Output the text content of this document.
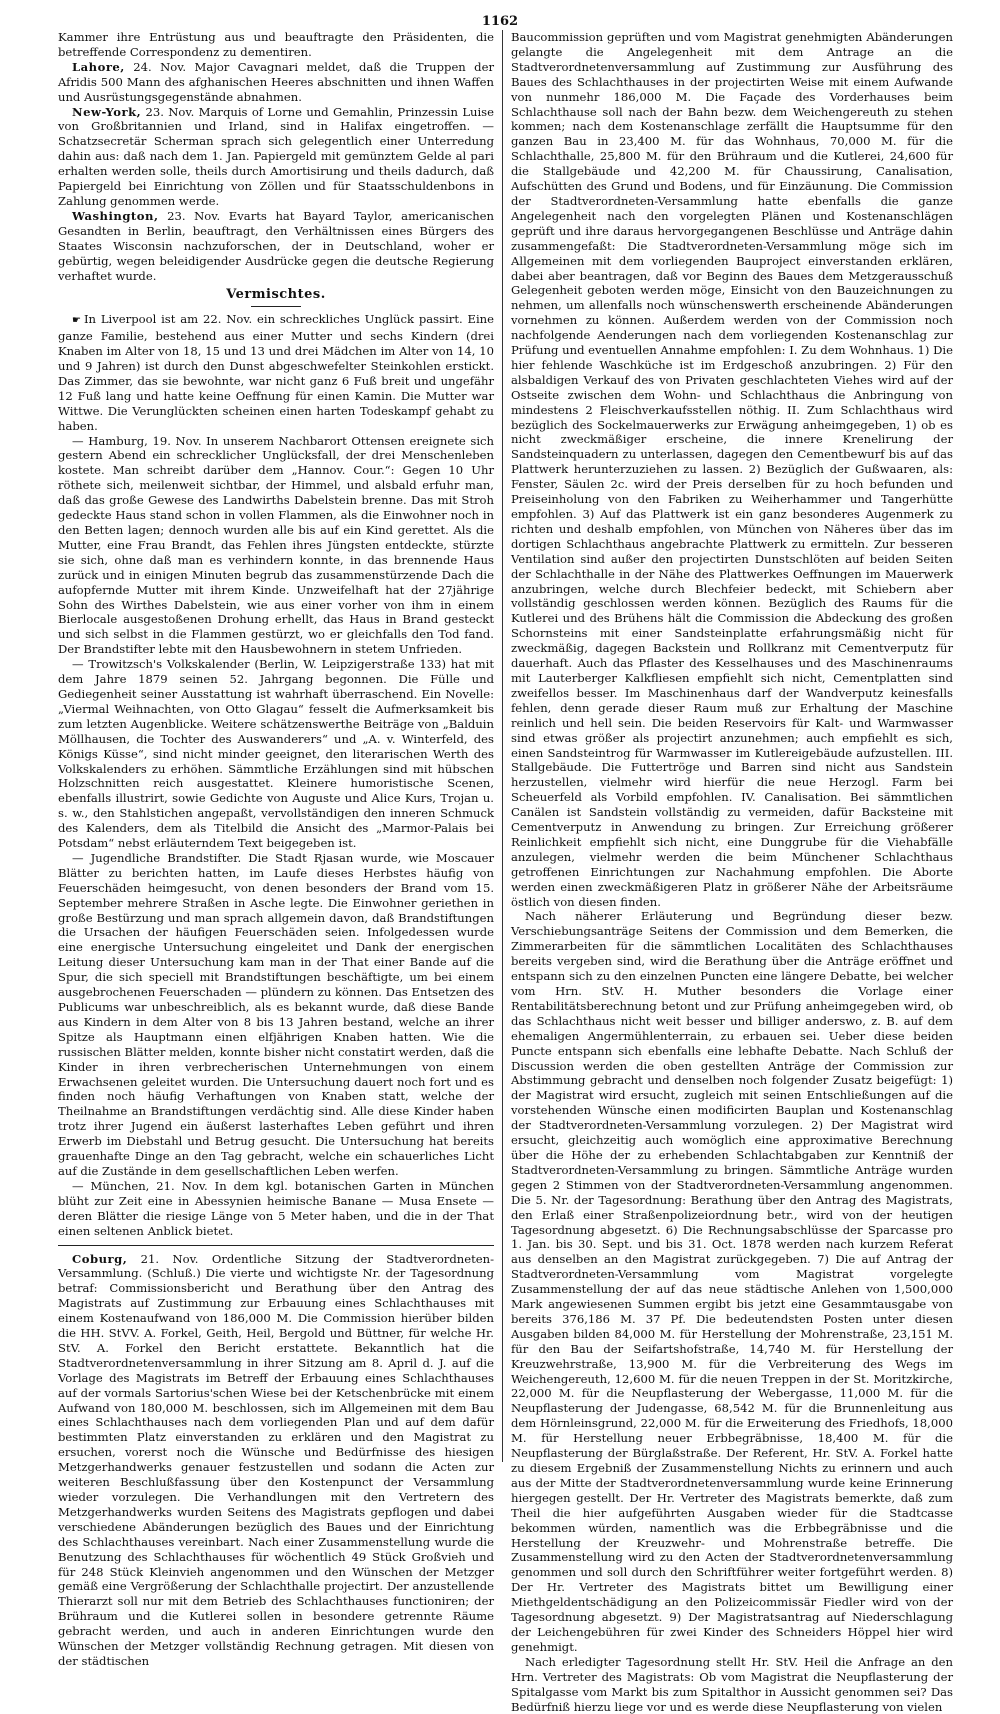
1162

Kammer ihre Entrüstung aus und beauftragte den Präsidenten, die betreffende Correspondenz zu dementiren.

Lahore, 24. Nov. Major Cavagnari meldet, daß die Truppen der Afridis 500 Mann des afghanischen Heeres abschnitten und ihnen Waffen und Ausrüstungsgegenstände abnahmen.

New-York, 23. Nov. Marquis of Lorne und Gemahlin, Prinzessin Luise von Großbritannien und Irland, sind in Halifax eingetroffen. — Schatzsecretär Scherman sprach sich gelegentlich einer Unterredung dahin aus: daß nach dem 1. Jan. Papiergeld mit gemünztem Gelde al pari erhalten werden solle, theils durch Amortisirung und theils dadurch, daß Papiergeld bei Einrichtung von Zöllen und für Staatsschuldenbons in Zahlung genommen werde.

Washington, 23. Nov. Evarts hat Bayard Taylor, americanischen Gesandten in Berlin, beauftragt, den Verhältnissen eines Bürgers des Staates Wisconsin nachzuforschen, der in Deutschland, woher er gebürtig, wegen beleidigender Ausdrücke gegen die deutsche Regierung verhaftet wurde.

Vermischtes.

☛ In Liverpool ist am 22. Nov. ein schreckliches Unglück passirt. Eine ganze Familie, bestehend aus einer Mutter und sechs Kindern (drei Knaben im Alter von 18, 15 und 13 und drei Mädchen im Alter von 14, 10 und 9 Jahren) ist durch den Dunst abgeschwefelter Steinkohlen erstickt. Das Zimmer, das sie bewohnte, war nicht ganz 6 Fuß breit und ungefähr 12 Fuß lang und hatte keine Oeffnung für einen Kamin. Die Mutter war Wittwe. Die Verunglückten scheinen einen harten Todeskampf gehabt zu haben.

— Hamburg, 19. Nov. In unserem Nachbarort Ottensen ereignete sich gestern Abend ein schrecklicher Unglücksfall, der drei Menschenleben kostete. Man schreibt darüber dem „Hannov. Cour.“: Gegen 10 Uhr röthete sich, meilenweit sichtbar, der Himmel, und alsbald erfuhr man, daß das große Gewese des Landwirths Dabelstein brenne. Das mit Stroh gedeckte Haus stand schon in vollen Flammen, als die Einwohner noch in den Betten lagen; dennoch wurden alle bis auf ein Kind gerettet. Als die Mutter, eine Frau Brandt, das Fehlen ihres Jüngsten entdeckte, stürzte sie sich, ohne daß man es verhindern konnte, in das brennende Haus zurück und in einigen Minuten begrub das zusammenstürzende Dach die aufopfernde Mutter mit ihrem Kinde. Unzweifelhaft hat der 27jährige Sohn des Wirthes Dabelstein, wie aus einer vorher von ihm in einem Bierlocale ausgestoßenen Drohung erhellt, das Haus in Brand gesteckt und sich selbst in die Flammen gestürzt, wo er gleichfalls den Tod fand. Der Brandstifter lebte mit den Hausbewohnern in stetem Unfrieden.

— Trowitzsch's Volkskalender (Berlin, W. Leipzigerstraße 133) hat mit dem Jahre 1879 seinen 52. Jahrgang begonnen. Die Fülle und Gediegenheit seiner Ausstattung ist wahrhaft überraschend. Ein Novelle: „Viermal Weihnachten, von Otto Glagau“ fesselt die Aufmerksamkeit bis zum letzten Augenblicke. Weitere schätzenswerthe Beiträge von „Balduin Möllhausen, die Tochter des Auswanderers“ und „A. v. Winterfeld, des Königs Küsse“, sind nicht minder geeignet, den literarischen Werth des Volkskalenders zu erhöhen. Sämmtliche Erzählungen sind mit hübschen Holzschnitten reich ausgestattet. Kleinere humoristische Scenen, ebenfalls illustrirt, sowie Gedichte von Auguste und Alice Kurs, Trojan u. s. w., den Stahlstichen angepaßt, vervollständigen den inneren Schmuck des Kalenders, dem als Titelbild die Ansicht des „Marmor-Palais bei Potsdam“ nebst erläuterndem Text beigegeben ist.

— Jugendliche Brandstifter. Die Stadt Rjasan wurde, wie Moscauer Blätter zu berichten hatten, im Laufe dieses Herbstes häufig von Feuerschäden heimgesucht, von denen besonders der Brand vom 15. September mehrere Straßen in Asche legte. Die Einwohner geriethen in große Bestürzung und man sprach allgemein davon, daß Brandstiftungen die Ursachen der häufigen Feuerschäden seien. Infolgedessen wurde eine energische Untersuchung eingeleitet und Dank der energischen Leitung dieser Untersuchung kam man in der That einer Bande auf die Spur, die sich speciell mit Brandstiftungen beschäftigte, um bei einem ausgebrochenen Feuerschaden — plündern zu können. Das Entsetzen des Publicums war unbeschreiblich, als es bekannt wurde, daß diese Bande aus Kindern in dem Alter von 8 bis 13 Jahren bestand, welche an ihrer Spitze als Hauptmann einen elfjährigen Knaben hatten. Wie die russischen Blätter melden, konnte bisher nicht constatirt werden, daß die Kinder in ihren verbrecherischen Unternehmungen von einem Erwachsenen geleitet wurden. Die Untersuchung dauert noch fort und es finden noch häufig Verhaftungen von Knaben statt, welche der Theilnahme an Brandstiftungen verdächtig sind. Alle diese Kinder haben trotz ihrer Jugend ein äußerst lasterhaftes Leben geführt und ihren Erwerb im Diebstahl und Betrug gesucht. Die Untersuchung hat bereits grauenhafte Dinge an den Tag gebracht, welche ein schauerliches Licht auf die Zustände in dem gesellschaftlichen Leben werfen.

— München, 21. Nov. In dem kgl. botanischen Garten in München blüht zur Zeit eine in Abessynien heimische Banane — Musa Ensete — deren Blätter die riesige Länge von 5 Meter haben, und die in der That einen seltenen Anblick bietet.

Coburg, 21. Nov. Ordentliche Sitzung der Stadtverordneten-Versammlung. (Schluß.) Die vierte und wichtigste Nr. der Tagesordnung betraf: Commissionsbericht und Berathung über den Antrag des Magistrats auf Zustimmung zur Erbauung eines Schlachthauses mit einem Kostenaufwand von 186,000 M. Die Commission hierüber bilden die HH. StVV. A. Forkel, Geith, Heil, Bergold und Büttner, für welche Hr. StV. A. Forkel den Bericht erstattete. Bekanntlich hat die Stadtverordnetenversammlung in ihrer Sitzung am 8. April d. J. auf die Vorlage des Magistrats im Betreff der Erbauung eines Schlachthauses auf der vormals Sartorius'schen Wiese bei der Ketschenbrücke mit einem Aufwand von 180,000 M. beschlossen, sich im Allgemeinen mit dem Bau eines Schlachthauses nach dem vorliegenden Plan und auf dem dafür bestimmten Platz einverstanden zu erklären und den Magistrat zu ersuchen, vorerst noch die Wünsche und Bedürfnisse des hiesigen Metzgerhandwerks genauer festzustellen und sodann die Acten zur weiteren Beschlußfassung über den Kostenpunct der Versammlung wieder vorzulegen. Die Verhandlungen mit den Vertretern des Metzgerhandwerks wurden Seitens des Magistrats gepflogen und dabei verschiedene Abänderungen bezüglich des Baues und der Einrichtung des Schlachthauses vereinbart. Nach einer Zusammenstellung wurde die Benutzung des Schlachthauses für wöchentlich 49 Stück Großvieh und für 248 Stück Kleinvieh angenommen und den Wünschen der Metzger gemäß eine Vergrößerung der Schlachthalle projectirt. Der anzustellende Thierarzt soll nur mit dem Betrieb des Schlachthauses functioniren; der Brühraum und die Kutlerei sollen in besondere getrennte Räume gebracht werden, und auch in anderen Einrichtungen wurde den Wünschen der Metzger vollständig Rechnung getragen. Mit diesen von der städtischen

Baucommission geprüften und vom Magistrat genehmigten Abänderungen gelangte die Angelegenheit mit dem Antrage an die Stadtverordnetenversammlung auf Zustimmung zur Ausführung des Baues des Schlachthauses in der projectirten Weise mit einem Aufwande von nunmehr 186,000 M. Die Façade des Vorderhauses beim Schlachthause soll nach der Bahn bezw. dem Weichengereuth zu stehen kommen; nach dem Kostenanschlage zerfällt die Hauptsumme für den ganzen Bau in 23,400 M. für das Wohnhaus, 70,000 M. für die Schlachthalle, 25,800 M. für den Brühraum und die Kutlerei, 24,600 für die Stallgebäude und 42,200 M. für Chaussirung, Canalisation, Aufschütten des Grund und Bodens, und für Einzäunung. Die Commission der Stadtverordneten-Versammlung hatte ebenfalls die ganze Angelegenheit nach den vorgelegten Plänen und Kostenanschlägen geprüft und ihre daraus hervorgegangenen Beschlüsse und Anträge dahin zusammengefaßt: Die Stadtverordneten-Versammlung möge sich im Allgemeinen mit dem vorliegenden Bauproject einverstanden erklären, dabei aber beantragen, daß vor Beginn des Baues dem Metzgerausschuß Gelegenheit geboten werden möge, Einsicht von den Bauzeichnungen zu nehmen, um allenfalls noch wünschenswerth erscheinende Abänderungen vornehmen zu können. Außerdem werden von der Commission noch nachfolgende Aenderungen nach dem vorliegenden Kostenanschlag zur Prüfung und eventuellen Annahme empfohlen: I. Zu dem Wohnhaus. 1) Die hier fehlende Waschküche ist im Erdgeschoß anzubringen. 2) Für den alsbaldigen Verkauf des von Privaten geschlachteten Viehes wird auf der Ostseite zwischen dem Wohn- und Schlachthaus die Anbringung von mindestens 2 Fleischverkaufsstellen nöthig. II. Zum Schlachthaus wird bezüglich des Sockelmauerwerks zur Erwägung anheimgegeben, 1) ob es nicht zweckmäßiger erscheine, die innere Krenelirung der Sandsteinquadern zu unterlassen, dagegen den Cementbewurf bis auf das Plattwerk herunterzuziehen zu lassen. 2) Bezüglich der Gußwaaren, als: Fenster, Säulen 2c. wird der Preis derselben für zu hoch befunden und Preiseinholung von den Fabriken zu Weiherhammer und Tangerhütte empfohlen. 3) Auf das Plattwerk ist ein ganz besonderes Augenmerk zu richten und deshalb empfohlen, von München von Näheres über das im dortigen Schlachthaus angebrachte Plattwerk zu ermitteln. Zur besseren Ventilation sind außer den projectirten Dunstschlöten auf beiden Seiten der Schlachthalle in der Nähe des Plattwerkes Oeffnungen im Mauerwerk anzubringen, welche durch Blechfeier bedeckt, mit Schiebern aber vollständig geschlossen werden können. Bezüglich des Raums für die Kutlerei und des Brühens hält die Commission die Abdeckung des großen Schornsteins mit einer Sandsteinplatte erfahrungsmäßig nicht für zweckmäßig, dagegen Backstein und Rollkranz mit Cementverputz für dauerhaft. Auch das Pflaster des Kesselhauses und des Maschinenraums mit Lauterberger Kalkfliesen empfiehlt sich nicht, Cementplatten sind zweifellos besser. Im Maschinenhaus darf der Wandverputz keinesfalls fehlen, denn gerade dieser Raum muß zur Erhaltung der Maschine reinlich und hell sein. Die beiden Reservoirs für Kalt- und Warmwasser sind etwas größer als projectirt anzunehmen; auch empfiehlt es sich, einen Sandsteintrog für Warmwasser im Kutlereigebäude aufzustellen. III. Stallgebäude. Die Futtertröge und Barren sind nicht aus Sandstein herzustellen, vielmehr wird hierfür die neue Herzogl. Farm bei Scheuerfeld als Vorbild empfohlen. IV. Canalisation. Bei sämmtlichen Canälen ist Sandstein vollständig zu vermeiden, dafür Backsteine mit Cementverputz in Anwendung zu bringen. Zur Erreichung größerer Reinlichkeit empfiehlt sich nicht, eine Dunggrube für die Viehabfälle anzulegen, vielmehr werden die beim Münchener Schlachthaus getroffenen Einrichtungen zur Nachahmung empfohlen. Die Aborte werden einen zweckmäßigeren Platz in größerer Nähe der Arbeitsräume östlich von diesen finden.

Nach näherer Erläuterung und Begründung dieser bezw. Verschiebungsanträge Seitens der Commission und dem Bemerken, die Zimmerarbeiten für die sämmtlichen Localitäten des Schlachthauses bereits vergeben sind, wird die Berathung über die Anträge eröffnet und entspann sich zu den einzelnen Puncten eine längere Debatte, bei welcher vom Hrn. StV. H. Muther besonders die Vorlage einer Rentabilitätsberechnung betont und zur Prüfung anheimgegeben wird, ob das Schlachthaus nicht weit besser und billiger anderswo, z. B. auf dem ehemaligen Angermühlenterrain, zu erbauen sei. Ueber diese beiden Puncte entspann sich ebenfalls eine lebhafte Debatte. Nach Schluß der Discussion werden die oben gestellten Anträge der Commission zur Abstimmung gebracht und denselben noch folgender Zusatz beigefügt: 1) der Magistrat wird ersucht, zugleich mit seinen Entschließungen auf die vorstehenden Wünsche einen modificirten Bauplan und Kostenanschlag der Stadtverordneten-Versammlung vorzulegen. 2) Der Magistrat wird ersucht, gleichzeitig auch womöglich eine approximative Berechnung über die Höhe der zu erhebenden Schlachtabgaben zur Kenntniß der Stadtverordneten-Versammlung zu bringen. Sämmtliche Anträge wurden gegen 2 Stimmen von der Stadtverordneten-Versammlung angenommen. Die 5. Nr. der Tagesordnung: Berathung über den Antrag des Magistrats, den Erlaß einer Straßenpolizeiordnung betr., wird von der heutigen Tagesordnung abgesetzt. 6) Die Rechnungsabschlüsse der Sparcasse pro 1. Jan. bis 30. Sept. und bis 31. Oct. 1878 werden nach kurzem Referat aus denselben an den Magistrat zurückgegeben. 7) Die auf Antrag der Stadtverordneten-Versammlung vom Magistrat vorgelegte Zusammenstellung der auf das neue städtische Anlehen von 1,500,000 Mark angewiesenen Summen ergibt bis jetzt eine Gesammtausgabe von bereits 376,186 M. 37 Pf. Die bedeutendsten Posten unter diesen Ausgaben bilden 84,000 M. für Herstellung der Mohrenstraße, 23,151 M. für den Bau der Seifartshofstraße, 14,740 M. für Herstellung der Kreuzwehrstraße, 13,900 M. für die Verbreiterung des Wegs im Weichengereuth, 12,600 M. für die neuen Treppen in der St. Moritzkirche, 22,000 M. für die Neupflasterung der Webergasse, 11,000 M. für die Neupflasterung der Judengasse, 68,542 M. für die Brunnenleitung aus dem Hörnleinsgrund, 22,000 M. für die Erweiterung des Friedhofs, 18,000 M. für Herstellung neuer Erbbegräbnisse, 18,400 M. für die Neupflasterung der Bürglaßstraße. Der Referent, Hr. StV. A. Forkel hatte zu diesem Ergebniß der Zusammenstellung Nichts zu erinnern und auch aus der Mitte der Stadtverordnetenversammlung wurde keine Erinnerung hiergegen gestellt. Der Hr. Vertreter des Magistrats bemerkte, daß zum Theil die hier aufgeführten Ausgaben wieder für die Stadtcasse bekommen würden, namentlich was die Erbbegräbnisse und die Herstellung der Kreuzwehr- und Mohrenstraße betreffe. Die Zusammenstellung wird zu den Acten der Stadtverordnetenversammlung genommen und soll durch den Schriftführer weiter fortgeführt werden. 8) Der Hr. Vertreter des Magistrats bittet um Bewilligung einer Miethgeldentschädigung an den Polizeicommissär Fiedler wird von der Tagesordnung abgesetzt. 9) Der Magistratsantrag auf Niederschlagung der Leichengebühren für zwei Kinder des Schneiders Höppel hier wird genehmigt.

Nach erledigter Tagesordnung stellt Hr. StV. Heil die Anfrage an den Hrn. Vertreter des Magistrats: Ob vom Magistrat die Neupflasterung der Spitalgasse vom Markt bis zum Spitalthor in Aussicht genommen sei? Das Bedürfniß hierzu liege vor und es werde diese Neupflasterung von vielen
